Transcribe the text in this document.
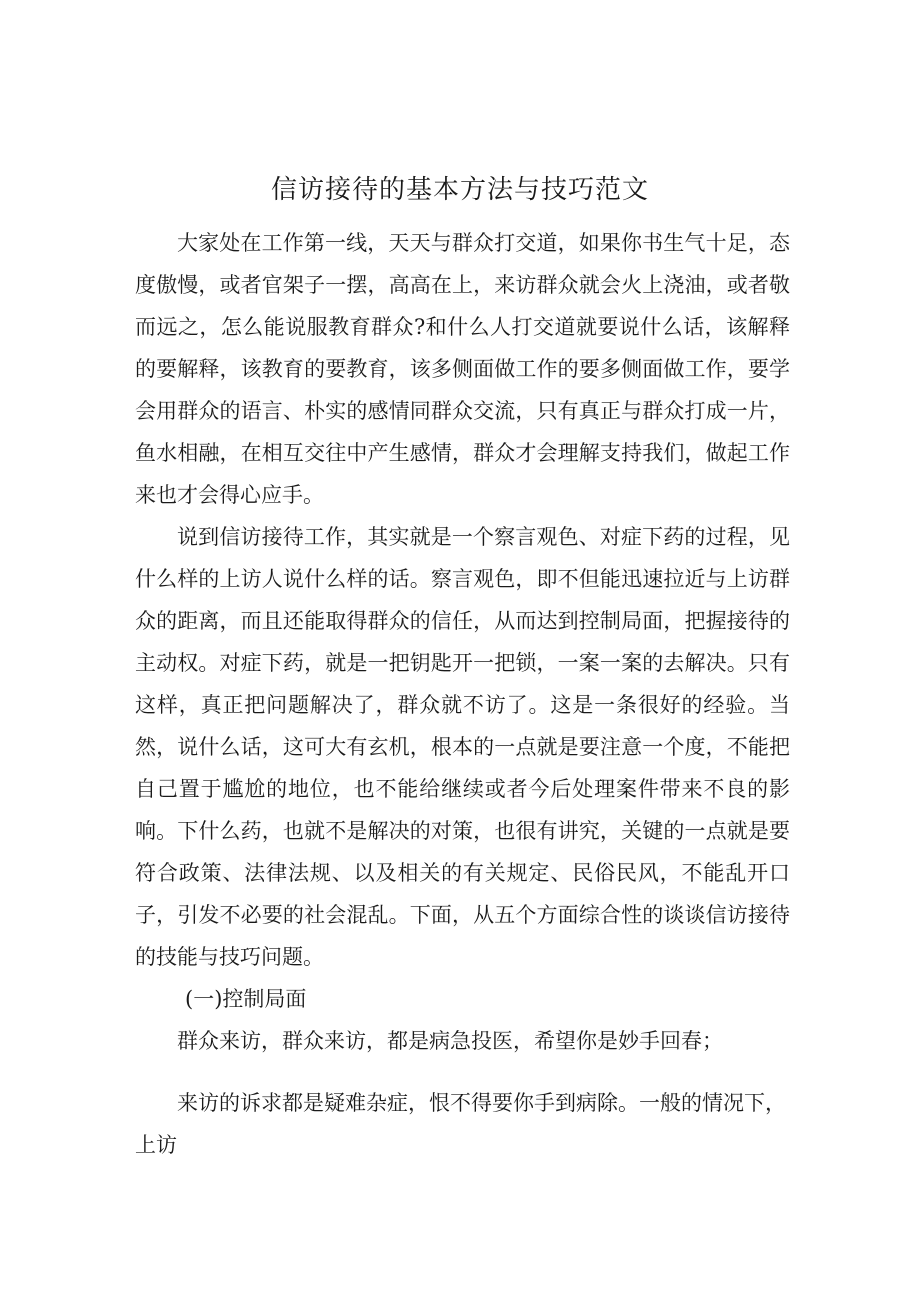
信访接待的基本方法与技巧范文

大家处在工作第一线，天天与群众打交道，如果你书生气十足，态度傲慢，或者官架子一摆，高高在上，来访群众就会火上浇油，或者敬而远之，怎么能说服教育群众?和什么人打交道就要说什么话，该解释的要解释，该教育的要教育，该多侧面做工作的要多侧面做工作，要学会用群众的语言、朴实的感情同群众交流，只有真正与群众打成一片，鱼水相融，在相互交往中产生感情，群众才会理解支持我们，做起工作来也才会得心应手。

说到信访接待工作，其实就是一个察言观色、对症下药的过程，见什么样的上访人说什么样的话。察言观色，即不但能迅速拉近与上访群众的距离，而且还能取得群众的信任，从而达到控制局面，把握接待的主动权。对症下药，就是一把钥匙开一把锁，一案一案的去解决。只有这样，真正把问题解决了，群众就不访了。这是一条很好的经验。当然，说什么话，这可大有玄机，根本的一点就是要注意一个度，不能把自己置于尴尬的地位，也不能给继续或者今后处理案件带来不良的影响。下什么药，也就不是解决的对策，也很有讲究，关键的一点就是要符合政策、法律法规、以及相关的有关规定、民俗民风，不能乱开口子，引发不必要的社会混乱。下面，从五个方面综合性的谈谈信访接待的技能与技巧问题。

(一)控制局面

群众来访，群众来访，都是病急投医，希望你是妙手回春；

来访的诉求都是疑难杂症，恨不得要你手到病除。一般的情况下，上访
